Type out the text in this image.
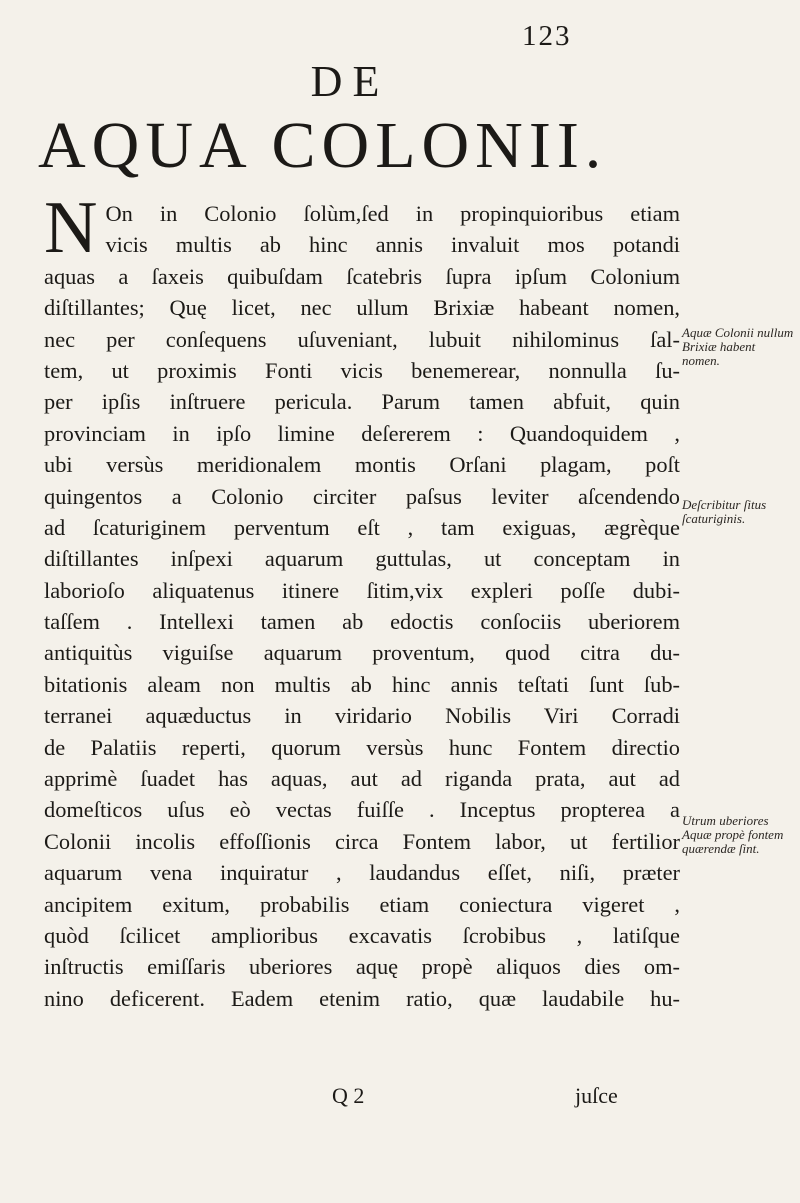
123
DE
AQUA COLONII.
N On in Colonio ſolùm,ſed in propinquioribus etiam
vicis multis ab hinc annis invaluit mos potandi
aquas a ſaxeis quibuſdam ſcatebris ſupra ipſum Colonium
diſtillantes; Quę licet, nec ullum Brixiæ habeant nomen,
nec per conſequens uſuveniant, lubuit nihilominus ſal-
tem, ut proximis Fonti vicis benemerear, nonnulla ſu-
per ipſis inſtruere pericula. Parum tamen abfuit, quin
provinciam in ipſo limine deſererem : Quandoquidem ,
ubi versùs meridionalem montis Orſani plagam, poſt
quingentos a Colonio circiter paſsus leviter aſcendendo
ad ſcaturiginem perventum eſt , tam exiguas, ægrèque
diſtillantes inſpexi aquarum guttulas, ut conceptam in
laborioſo aliquatenus itinere ſitim,vix expleri poſſe dubi-
taſſem . Intellexi tamen ab edoctis conſociis uberiorem
antiquitùs viguiſse aquarum proventum, quod citra du-
bitationis aleam non multis ab hinc annis teſtati ſunt ſub-
terranei aquæductus in viridario Nobilis Viri Corradi
de Palatiis reperti, quorum versùs hunc Fontem directio
apprimè ſuadet has aquas, aut ad riganda prata, aut ad
domeſticos uſus eò vectas fuiſſe . Inceptus propterea a
Colonii incolis effoſſionis circa Fontem labor, ut fertilior
aquarum vena inquiratur , laudandus eſſet, niſi, præter
ancipitem exitum, probabilis etiam coniectura vigeret ,
quòd ſcilicet amplioribus excavatis ſcrobibus , latiſque
inſtructis emiſſaris uberiores aquę propè aliquos dies om-
nino deficerent. Eadem etenim ratio, quæ laudabile hu-
Aquæ Colonii nullum Brixiæ habent nomen.
Deſcribitur ſitus ſcaturiginis.
Utrum uberiores Aquæ propè fontem quærendæ ſint.
Q 2	juſce
